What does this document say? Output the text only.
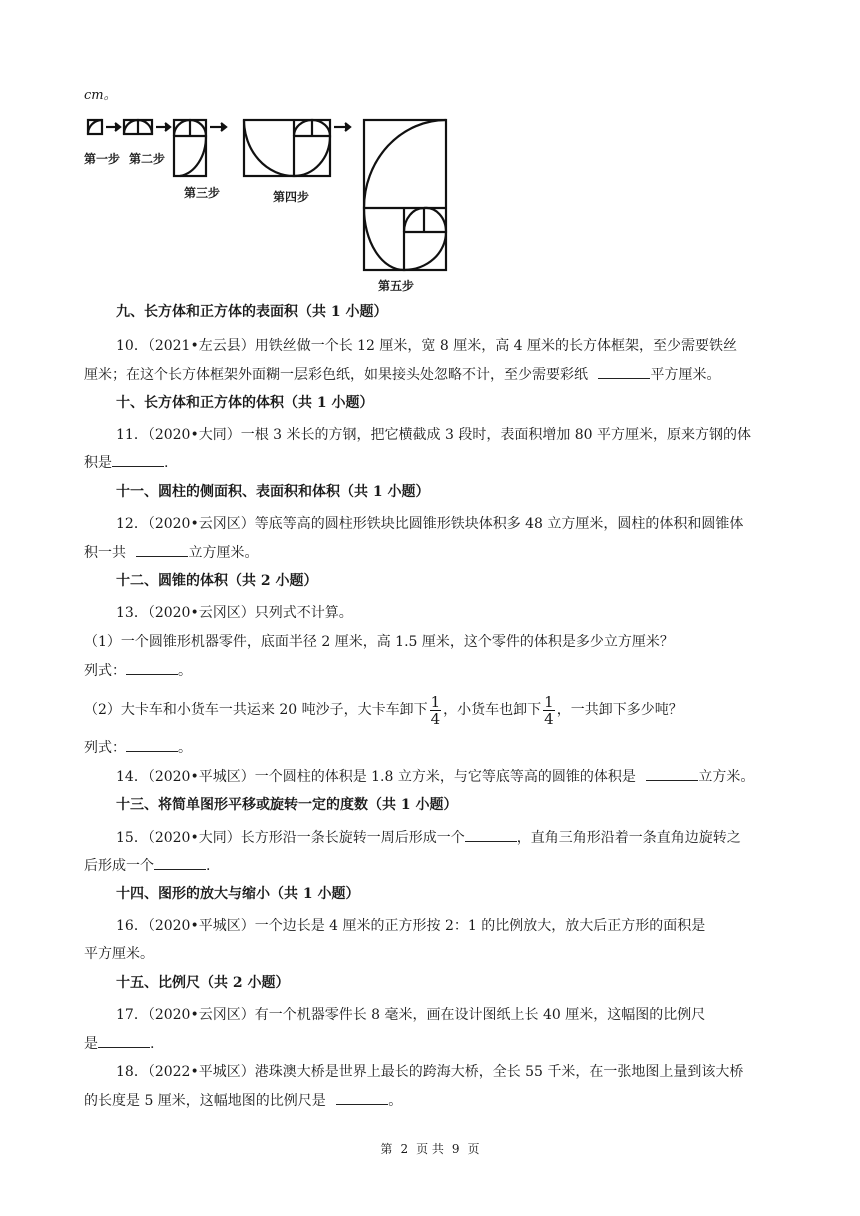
cm。
第一步 第二步
第三步	第四步
第五步
九、长方体和正方体的表面积（共 1 小题）
10．（2021•左云县）用铁丝做一个长 12 厘米，宽 8 厘米，高 4 厘米的长方体框架，至少需要铁丝
厘米；在这个长方体框架外面糊一层彩色纸，如果接头处忽略不计，至少需要彩纸	平方厘米。
十、长方体和正方体的体积（共 1 小题）
11．（2020•大同）一根 3 米长的方钢，把它横截成 3 段时，表面积增加 80 平方厘米，原来方钢的体
积是	.
十一、圆柱的侧面积、表面积和体积（共 1 小题）
12．（2020•云冈区）等底等高的圆柱形铁块比圆锥形铁块体积多 48 立方厘米，圆柱的体积和圆锥体
积一共	立方厘米。
十二、圆锥的体积（共 2 小题）
13．（2020•云冈区）只列式不计算。
（1）一个圆锥形机器零件，底面半径 2 厘米，高 1.5 厘米，这个零件的体积是多少立方厘米？
列式：	。
（2）大卡车和小货车一共运来 20 吨沙子，大卡车卸下 $\frac{1}{4}$ ，小货车也卸下 $\frac{1}{4}$ ，一共卸下多少吨？
列式：	。
14．（2020•平城区）一个圆柱的体积是 1.8 立方米，与它等底等高的圆锥的体积是	立方米。
十三、将简单图形平移或旋转一定的度数（共 1 小题）
15．（2020•大同）长方形沿一条长旋转一周后形成一个	，直角三角形沿着一条直角边旋转之
后形成一个	.
十四、图形的放大与缩小（共 1 小题）
16．（2020•平城区）一个边长是 4 厘米的正方形按 2：1 的比例放大，放大后正方形的面积是
平方厘米。
十五、比例尺（共 2 小题）
17．（2020•云冈区）有一个机器零件长 8 毫米，画在设计图纸上长 40 厘米，这幅图的比例尺
是	.
18．（2022•平城区）港珠澳大桥是世界上最长的跨海大桥，全长 55 千米，在一张地图上量到该大桥
的长度是 5 厘米，这幅地图的比例尺是	。
第 2 页 共 9 页
